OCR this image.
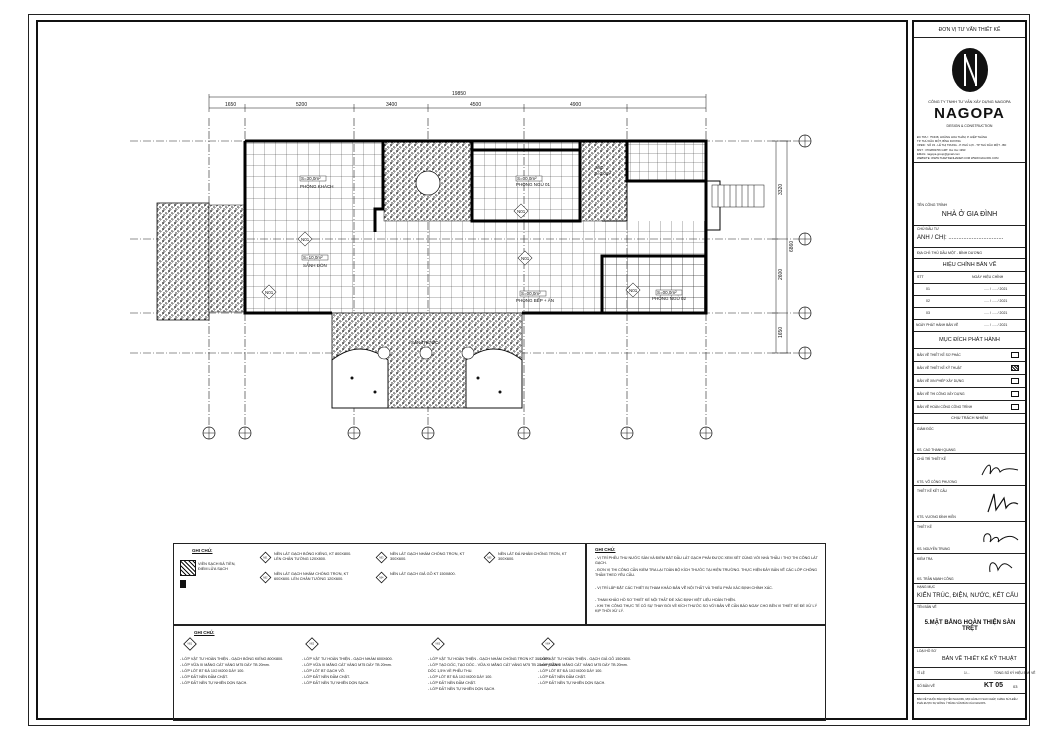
19850
1650	5200	3400	4500	4900
3320
2600
6860
1650
S=30,0m²
PHÒNG KHÁCH
N01
S=10,0m²
SẢNH ĐÓN
N01
S=00,0m²
PHÒNG NGỦ 01
N01
N01
S=00,0m²
PHÒNG BẾP + ĂN
N01	S=00,0m²
PHÒNG NGỦ 02
WC
S=0,0m²
SÂN TRƯỚC
GHI CHÚ:
VIỀN SẠCH ĐÁ TIỀN, ĐIỂM LỬA SẠCH
N01
NỀN LÁT GẠCH BÓNG KIẾNG, KT 800X800. LÉN CHÂN TƯỜNG 120X800.
N02
NỀN LÁT GẠCH NHÁM CHỐNG TRƠN, KT 600X600. LÉN CHÂN TƯỜNG 120X600.
N03
NỀN LÁT GẠCH NHÁM CHỐNG TRƠN, KT 300X600.
N04
NỀN LÁT GẠCH GIẢ GỖ KT 150X800.
N05
NỀN LÁT ĐÁ NHÁM CHỐNG TRƠN, KT 300X600.
GHI CHÚ:
- VỊ TRÍ PHỄU THU NƯỚC SÀN VÀ ĐIỂM BẮT ĐẦU LÁT GẠCH PHẢI ĐƯỢC XEM XÉT CÙNG VỚI NHÀ THẦU / THỢ THI CÔNG LÁT GẠCH.
- ĐƠN VỊ THI CÔNG CẦN KIỂM TRA LẠI TOÀN BỘ KÍCH THƯỚC TẠI HIỆN TRƯỜNG. THỰC HIỆN ĐÂY BẢN VẼ CÁC LỚP CHỐNG THẤM THEO YÊU CẦU.
- VỊ TRÍ LẮP ĐẶT CÁC THIẾT BỊ THAM KHẢO BẢN VẼ NỘI THẤT VÀ THIẾU PHẢI XÁC ĐỊNH CHÍNH XÁC.
- THAM KHẢO HỒ SƠ THIẾT KẾ NỘI THẤT ĐỂ XÁC ĐỊNH VIỆT LIỆU HOÀN THIỆN.
- KHI THI CÔNG THỰC TẾ CÓ SỰ THAY ĐỔI VỀ KÍCH THƯỚC SO VỚI BẢN VẼ CẦN BÁO NGAY CHO BÊN VI THIẾT KẾ ĐỂ XỬ LÝ KỊP THỜI XỬ LÝ.
GHI CHÚ:
N01
- LỚP VẬT TƯ HOÀN THIỆN - GẠCH BÓNG KIẾNG 800X800.
- LỚP VỮA XI MĂNG CÁT VÀNG M75 DÀY TB 20mm.
- LỚP LÓT BT ĐÁ 1X2 M200 DÀY 100.
- LỚP ĐẤT NỀN ĐẦM CHẶT.
- LỚP ĐẤT NỀN TỰ NHIÊN DỌN SẠCH.
N02
- LỚP VẬT TƯ HOÀN THIỆN - GẠCH NHÁM 600X600.
- LỚP VỮA XI MĂNG CÁT VÀNG M75 DÀY TB 20mm.
- LỚP LÓT BT GẠCH VỠ.
- LỚP ĐẤT NỀN ĐẦM CHẶT.
- LỚP ĐẤT NỀN TỰ NHIÊN DỌN SẠCH.
N03
- LỚP VẬT TƯ HOÀN THIỆN - GẠCH NHÁM CHỐNG TRƠN KT 300X600.
- LỚP TẠO DỐC, TẠO DỐC - VỮA XI MĂNG CÁT VÀNG M75 TB 20mm (DÁNH DỐC 1,5% VỀ PHỄU THU.
- LỚP LÓT BT ĐÁ 1X2 M200 DÀY 100.
- LỚP ĐẤT NỀN ĐẦM CHẶT.
- LỚP ĐẤT NỀN TỰ NHIÊN DỌN SẠCH.
N04
- LỚP VẬT TƯ HOÀN THIỆN - GẠCH GIẢ GỖ 150X800.
- LỚP VỮA XI MĂNG CÁT VÀNG M75 DÀY TB 20mm.
- LỚP LÓT BT ĐÁ 1X2 M200 DÀY 100.
- LỚP ĐẤT NỀN ĐẦM CHẶT.
- LỚP ĐẤT NỀN TỰ NHIÊN DỌN SẠCH.
ĐƠN VỊ TƯ VẤN THIẾT KẾ
CÔNG TY TNHH TƯ VẤN XÂY DỰNG NAGOPA
NAGOPA
DESIGN & CONSTRUCTION
ĐC TRU : 75/438, HOÀNG HOA THÁM, P. HIỆP THÀNH
TP. THỦ DẦU MỘT, BÌNH DƯƠNG
VPĐD : SỐ 33 - LÊ THỊ TRUNG - P. PHÚ LỢI - TP THỦ DẦU MỘT - BD
MST : 3702893706 GMT: 0xx 0xx 1993
EMAIL: nagopa.group@gmail.com
WEBSITE: WWW.THIETKENHADEP.COM WWW.NAGOPA.COM
TÊN CÔNG TRÌNH
NHÀ Ở GIA ĐÌNH
CHỦ ĐẦU TƯ
ANH / CHỊ: .................................
ĐỊA CHỈ: THỦ DẦU MỘT - BÌNH DƯƠNG
HIỆU CHỈNH BẢN VẼ
STT	NGÀY HIỆU CHỈNH
01	..... / ..... / 2021
02	..... / ..... / 2021
03	..... / ..... / 2021
NGÀY PHÁT HÀNH BẢN VẼ	..... / ..... / 2021
MỤC ĐÍCH PHÁT HÀNH
BẢN VẼ THIẾT KẾ SƠ PHÁC
BẢN VẼ THIẾT KẾ KỸ THUẬT
BẢN VẼ XIN PHÉP XÂY DỰNG
BẢN VẼ THI CÔNG XÂY DỰNG
BẢN VẼ HOÀN CÔNG CÔNG TRÌNH
CHỊU TRÁCH NHIỆM
GIÁM ĐỐC
KS. CAO THANH QUANG
CHỦ TRÌ THIẾT KẾ
KTS. VÕ CÔNG PHƯƠNG
THIẾT KẾ KẾT CẤU
KTS. VƯƠNG ĐÌNH HIỀN
THIẾT KẾ
KS. NGUYỄN TRUNG
KIỂM TRA
KS. TRẦN MẠNH CÔNG
HẠNG MỤC
KIẾN TRÚC, ĐIỆN, NƯỚC, KẾT CẤU
TÊN BẢN VẼ
5.MẶT BẰNG HOÀN THIỆN SÀN TRỆT
LOẠI HỒ SƠ
BẢN VẼ THIẾT KẾ KỸ THUẬT
TỈ LỆ	1/...	TỔNG SỐ KÝ HIỆU BẢN VẼ
SỐ BẢN VẼ	KT 05 03
BẢN VẼ THUỘC BẢN QUYỀN NAGOPA, MỌI HÀNH VI SAO CHÉP, CHỈNH SỬA ĐỀU PHẢI ĐƯỢC SỰ ĐỒNG Ý BẰNG VĂN BẢN CỦA NAGOPA
